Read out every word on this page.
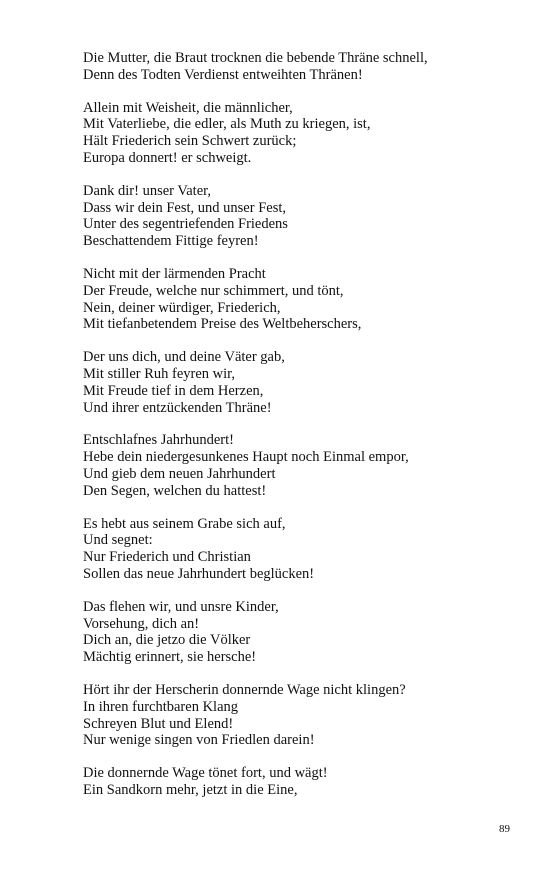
Die Mutter, die Braut trocknen die bebende Thräne schnell,
Denn des Todten Verdienst entweihten Thränen!
Allein mit Weisheit, die männlicher,
Mit Vaterliebe, die edler, als Muth zu kriegen, ist,
Hält Friederich sein Schwert zurück;
Europa donnert! er schweigt.
Dank dir! unser Vater,
Dass wir dein Fest, und unser Fest,
Unter des segentriefenden Friedens
Beschattendem Fittige feyren!
Nicht mit der lärmenden Pracht
Der Freude, welche nur schimmert, und tönt,
Nein, deiner würdiger, Friederich,
Mit tiefanbetendem Preise des Weltbeherschers,
Der uns dich, und deine Väter gab,
Mit stiller Ruh feyren wir,
Mit Freude tief in dem Herzen,
Und ihrer entzückenden Thräne!
Entschlafnes Jahrhundert!
Hebe dein niedergesunkenes Haupt noch Einmal empor,
Und gieb dem neuen Jahrhundert
Den Segen, welchen du hattest!
Es hebt aus seinem Grabe sich auf,
Und segnet:
Nur Friederich und Christian
Sollen das neue Jahrhundert beglücken!
Das flehen wir, und unsre Kinder,
Vorsehung, dich an!
Dich an, die jetzo die Völker
Mächtig erinnert, sie hersche!
Hört ihr der Herscherin donnernde Wage nicht klingen?
In ihren furchtbaren Klang
Schreyen Blut und Elend!
Nur wenige singen von Friedlen darein!
Die donnernde Wage tönet fort, und wägt!
Ein Sandkorn mehr, jetzt in die Eine,
89
